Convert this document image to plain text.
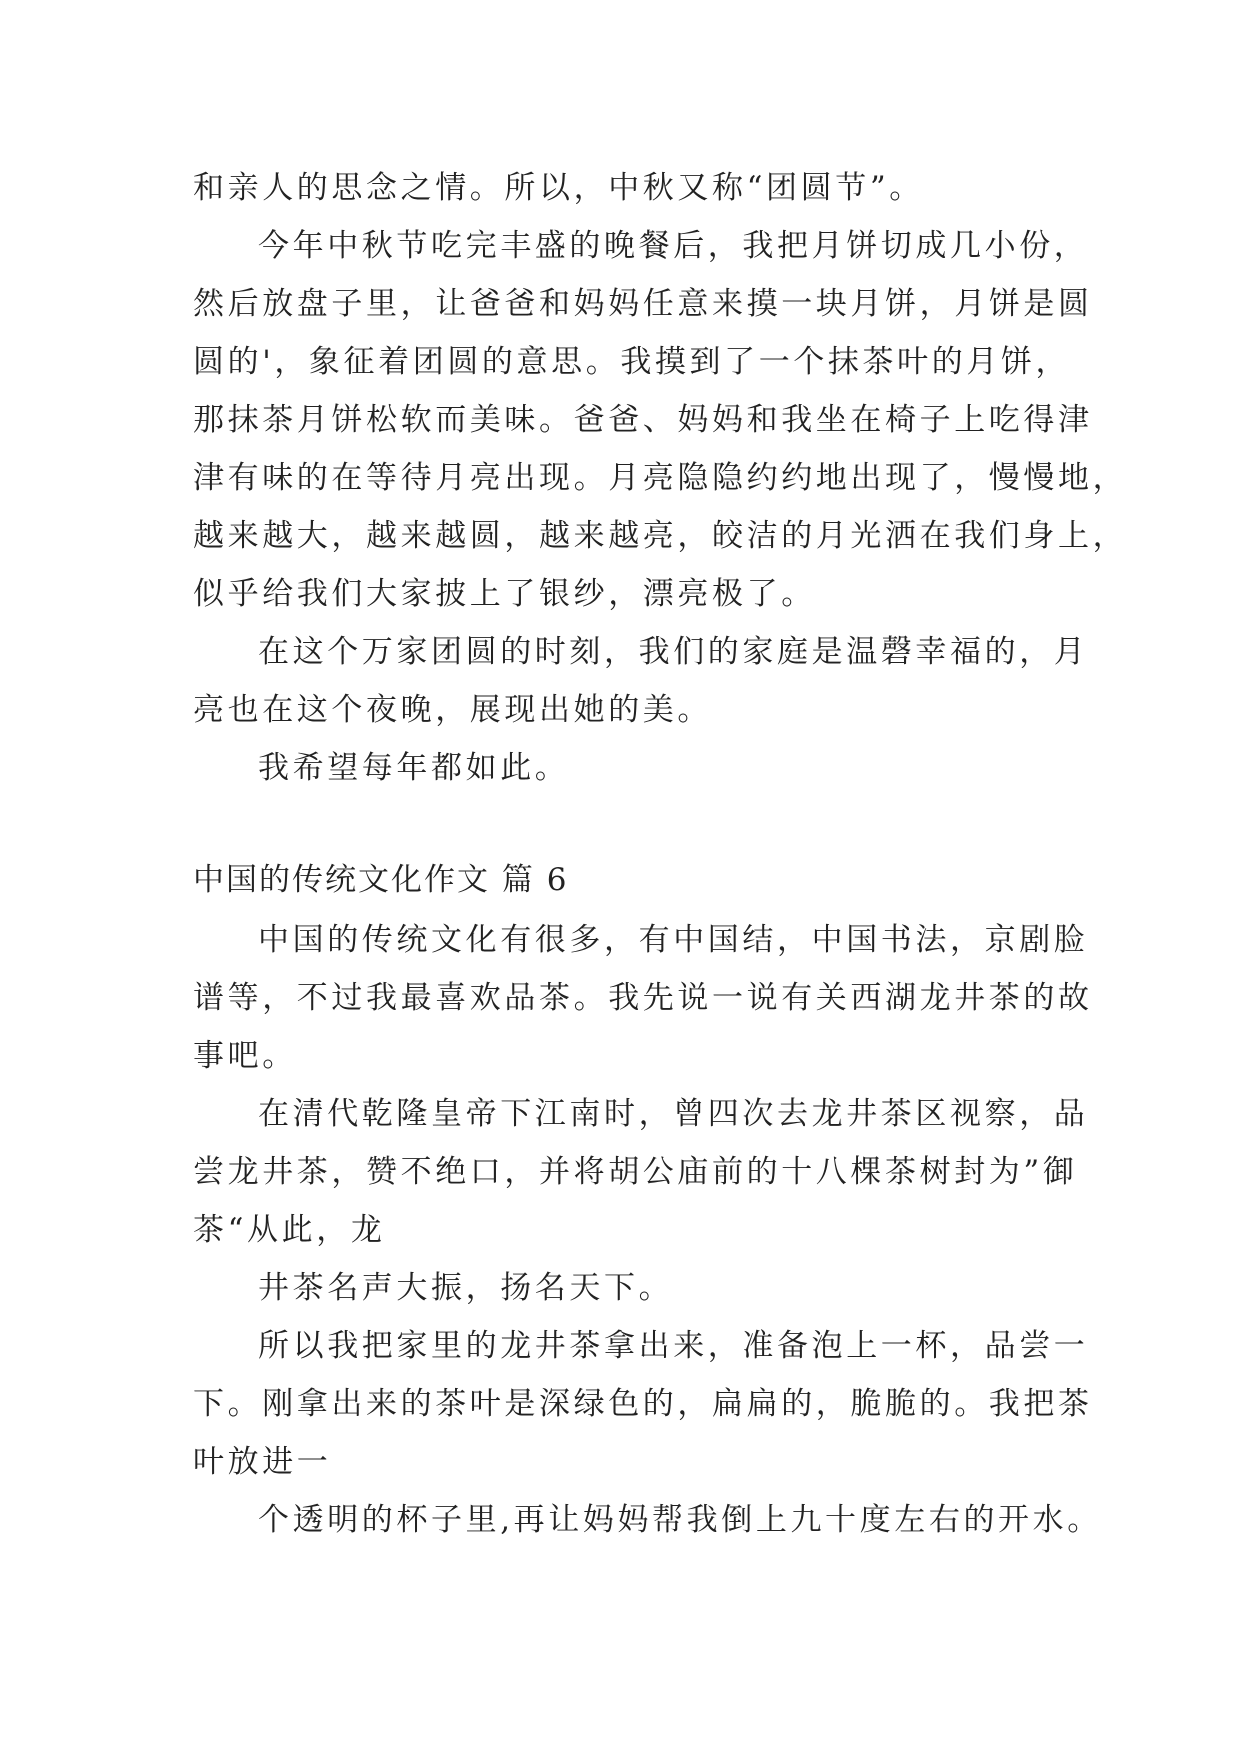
和亲人的思念之情。所以，中秋又称“团圆节”。
今年中秋节吃完丰盛的晚餐后，我把月饼切成几小份，
然后放盘子里，让爸爸和妈妈任意来摸一块月饼，月饼是圆
圆的'，象征着团圆的意思。我摸到了一个抹茶叶的月饼，
那抹茶月饼松软而美味。爸爸、妈妈和我坐在椅子上吃得津
津有味的在等待月亮出现。月亮隐隐约约地出现了，慢慢地，
越来越大，越来越圆，越来越亮，皎洁的月光洒在我们身上，
似乎给我们大家披上了银纱，漂亮极了。
在这个万家团圆的时刻，我们的家庭是温磬幸福的，月
亮也在这个夜晚，展现出她的美。
我希望每年都如此。
中国的传统文化作文 篇 6
中国的传统文化有很多，有中国结，中国书法，京剧脸
谱等，不过我最喜欢品茶。我先说一说有关西湖龙井茶的故
事吧。
在清代乾隆皇帝下江南时，曾四次去龙井茶区视察，品
尝龙井茶，赞不绝口，并将胡公庙前的十八棵茶树封为”御
茶“从此，龙
井茶名声大振，扬名天下。
所以我把家里的龙井茶拿出来，准备泡上一杯，品尝一
下。刚拿出来的茶叶是深绿色的，扁扁的，脆脆的。我把茶
叶放进一
个透明的杯子里,再让妈妈帮我倒上九十度左右的开水。
